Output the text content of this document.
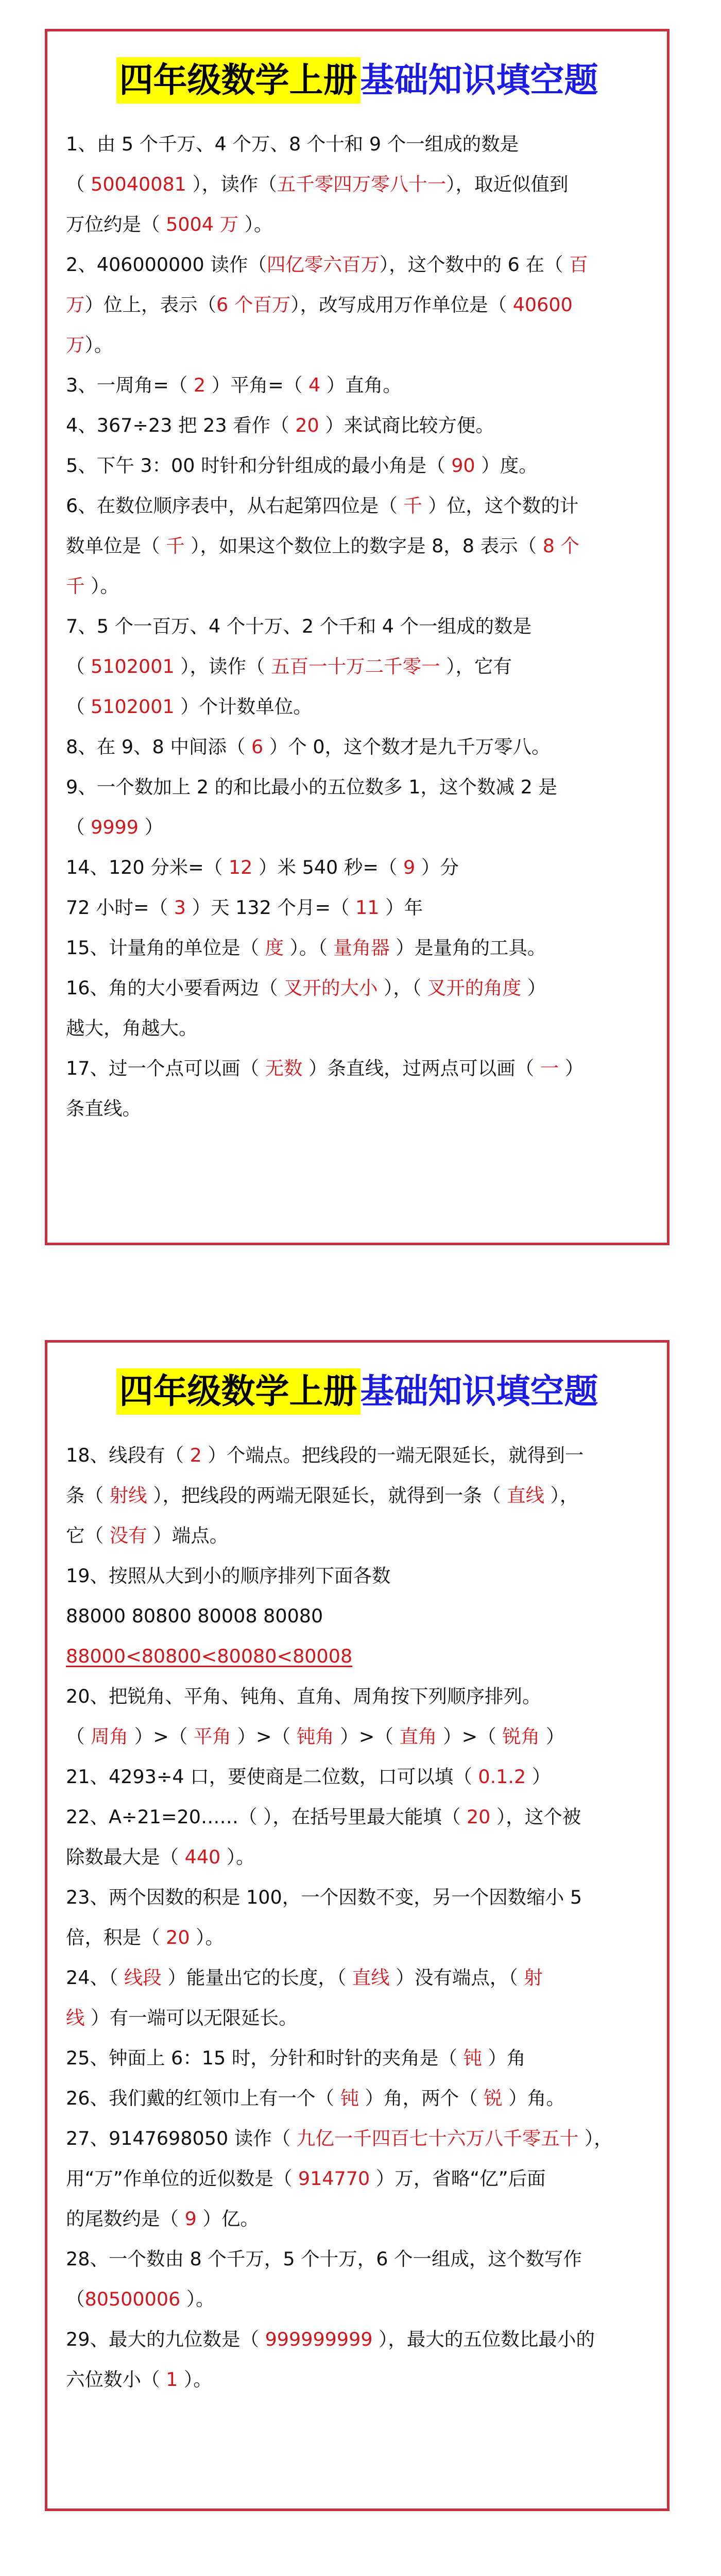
四年级数学上册 基础知识填空题
1、由 5 个千万、4 个万、8 个十和 9 个一组成的数是
（ 50040081 ），读作（五千零四万零八十一），取近似值到
万位约是（ 5004 万 ）。
2、406000000 读作（四亿零六百万），这个数中的 6 在（ 百
万）位上，表示（6 个百万），改写成用万作单位是（ 40600
万）。
3、一周角=（ 2 ）平角=（ 4 ）直角。
4、367÷23 把 23 看作（ 20 ）来试商比较方便。
5、下午 3：00 时针和分针组成的最小角是（ 90 ）度。
6、在数位顺序表中，从右起第四位是（ 千 ）位，这个数的计
数单位是（ 千 ），如果这个数位上的数字是 8，8 表示（ 8 个
千 ）。
7、5 个一百万、4 个十万、2 个千和 4 个一组成的数是
（ 5102001 ），读作（ 五百一十万二千零一 ），它有
（ 5102001 ）个计数单位。
8、在 9、8 中间添（ 6 ）个 0，这个数才是九千万零八。
9、一个数加上 2 的和比最小的五位数多 1，这个数减 2 是
（ 9999 ）
14、120 分米=（ 12 ）米 540 秒=（ 9 ）分
72 小时=（ 3 ）天 132 个月=（ 11 ）年
15、计量角的单位是（ 度 ）。（ 量角器 ）是量角的工具。
16、角的大小要看两边（ 叉开的大小 ），（ 叉开的角度 ）
越大，角越大。
17、过一个点可以画（ 无数 ）条直线，过两点可以画（ 一 ）
条直线。
四年级数学上册 基础知识填空题
18、线段有（ 2 ）个端点。把线段的一端无限延长，就得到一
条（ 射线 ），把线段的两端无限延长，就得到一条（ 直线 ），
它（ 没有 ）端点。
19、按照从大到小的顺序排列下面各数
88000 80800 80008 80080
88000<80800<80080<80008
20、把锐角、平角、钝角、直角、周角按下列顺序排列。
（ 周角 ）>（ 平角 ）>（ 钝角 ）>（ 直角 ）>（ 锐角 ）
21、4293÷4 口，要使商是二位数，口可以填（ 0.1.2 ）
22、A÷21=20……（ ），在括号里最大能填（ 20 ），这个被
除数最大是（ 440 ）。
23、两个因数的积是 100，一个因数不变，另一个因数缩小 5
倍，积是（ 20 ）。
24、（ 线段 ）能量出它的长度，（ 直线 ）没有端点，（ 射
线 ）有一端可以无限延长。
25、钟面上 6：15 时，分针和时针的夹角是（ 钝 ）角
26、我们戴的红领巾上有一个（ 钝 ）角，两个（ 锐 ）角。
27、9147698050 读作（ 九亿一千四百七十六万八千零五十 ），
用“万”作单位的近似数是（ 914770 ）万，省略“亿”后面
的尾数约是（ 9 ）亿。
28、一个数由 8 个千万，5 个十万，6 个一组成，这个数写作
（80500006 ）。
29、最大的九位数是（ 999999999 ），最大的五位数比最小的
六位数小（ 1 ）。
